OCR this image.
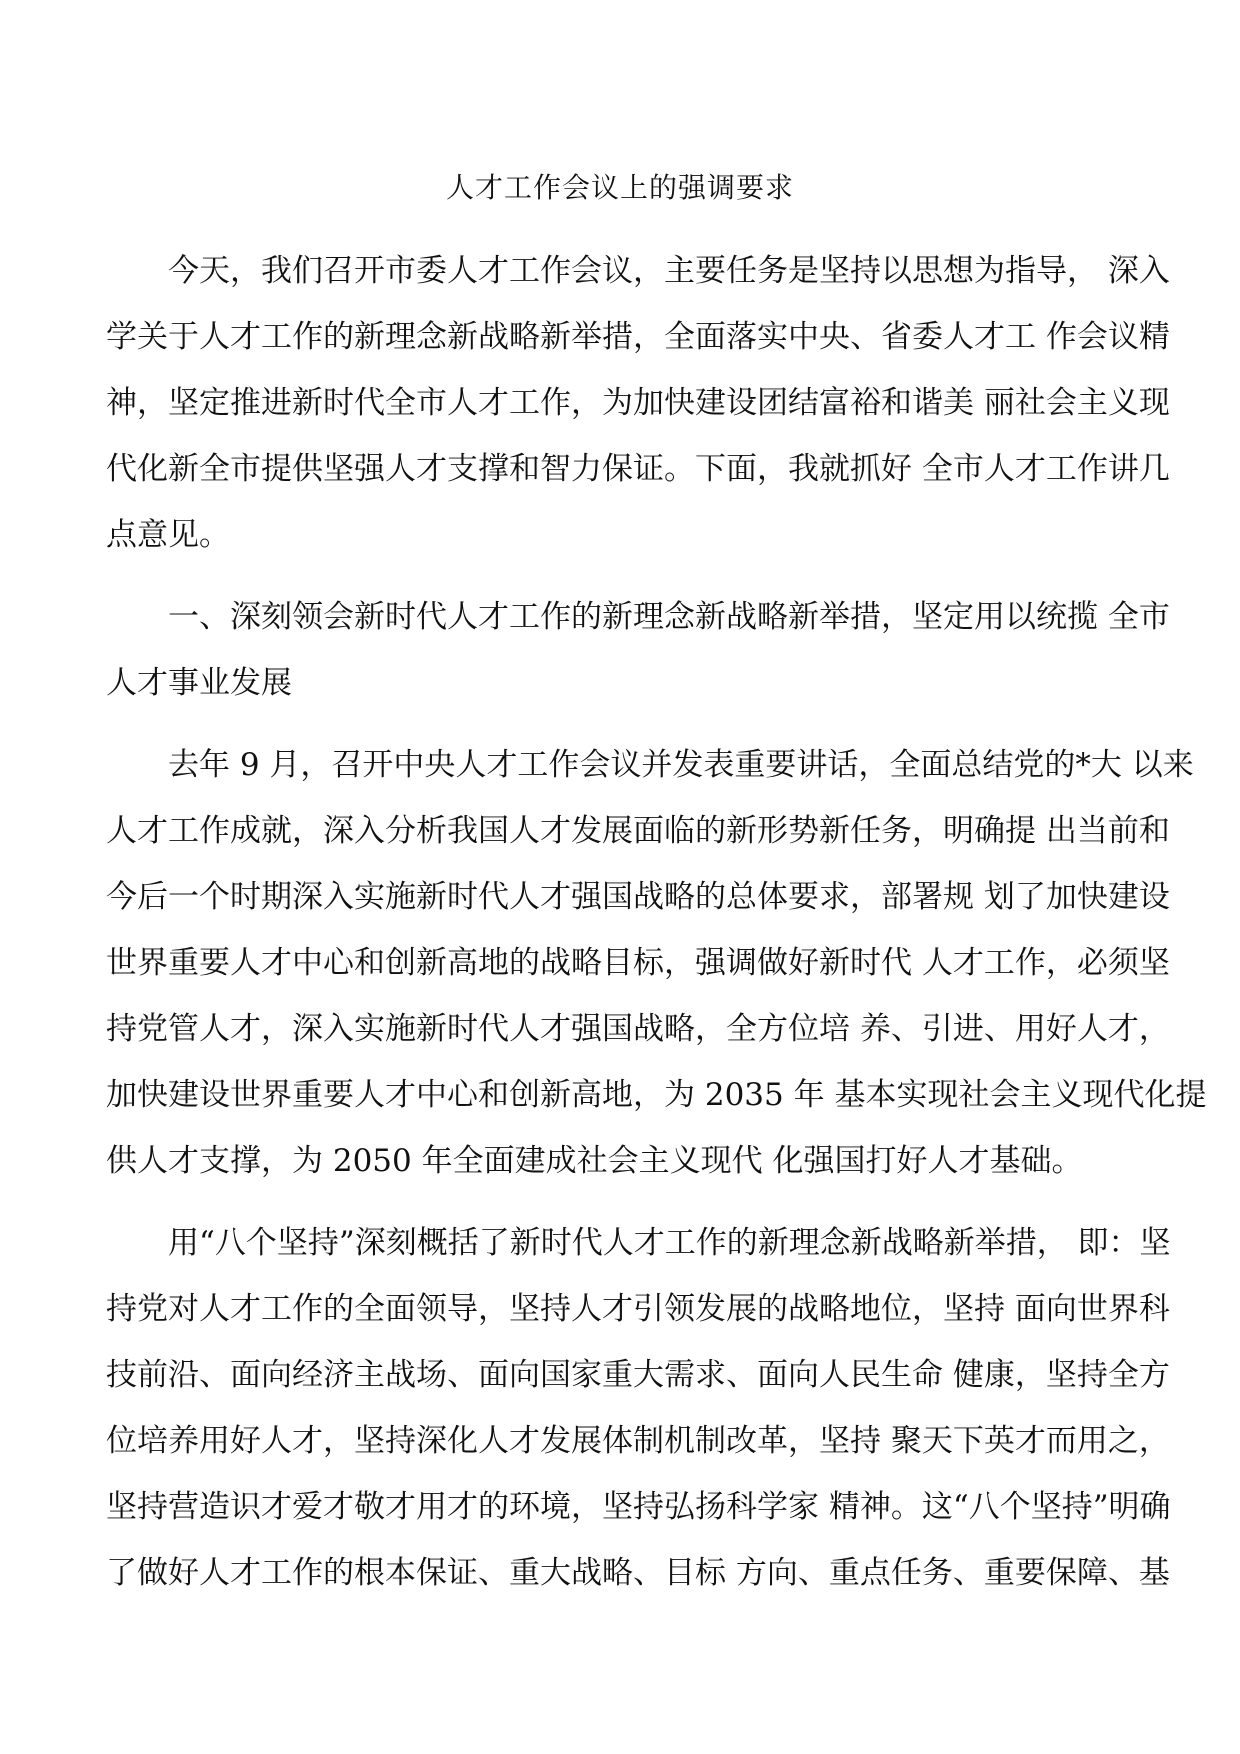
人才工作会议上的强调要求
今天，我们召开市委人才工作会议，主要任务是坚持以思想为指导， 深入
学关于人才工作的新理念新战略新举措，全面落实中央、省委人才工 作会议精
神，坚定推进新时代全市人才工作，为加快建设团结富裕和谐美 丽社会主义现
代化新全市提供坚强人才支撑和智力保证。下面，我就抓好 全市人才工作讲几
点意见。
一、深刻领会新时代人才工作的新理念新战略新举措，坚定用以统揽 全市
人才事业发展
去年 9 月，召开中央人才工作会议并发表重要讲话，全面总结党的*大 以来
人才工作成就，深入分析我国人才发展面临的新形势新任务，明确提 出当前和
今后一个时期深入实施新时代人才强国战略的总体要求，部署规 划了加快建设
世界重要人才中心和创新高地的战略目标，强调做好新时代 人才工作，必须坚
持党管人才，深入实施新时代人才强国战略，全方位培 养、引进、用好人才，
加快建设世界重要人才中心和创新高地，为 2035 年 基本实现社会主义现代化提
供人才支撑，为 2050 年全面建成社会主义现代 化强国打好人才基础。
用“八个坚持”深刻概括了新时代人才工作的新理念新战略新举措， 即：坚
持党对人才工作的全面领导，坚持人才引领发展的战略地位，坚持 面向世界科
技前沿、面向经济主战场、面向国家重大需求、面向人民生命 健康，坚持全方
位培养用好人才，坚持深化人才发展体制机制改革，坚持 聚天下英才而用之，
坚持营造识才爱才敬才用才的环境，坚持弘扬科学家 精神。这“八个坚持”明确
了做好人才工作的根本保证、重大战略、目标 方向、重点任务、重要保障、基
